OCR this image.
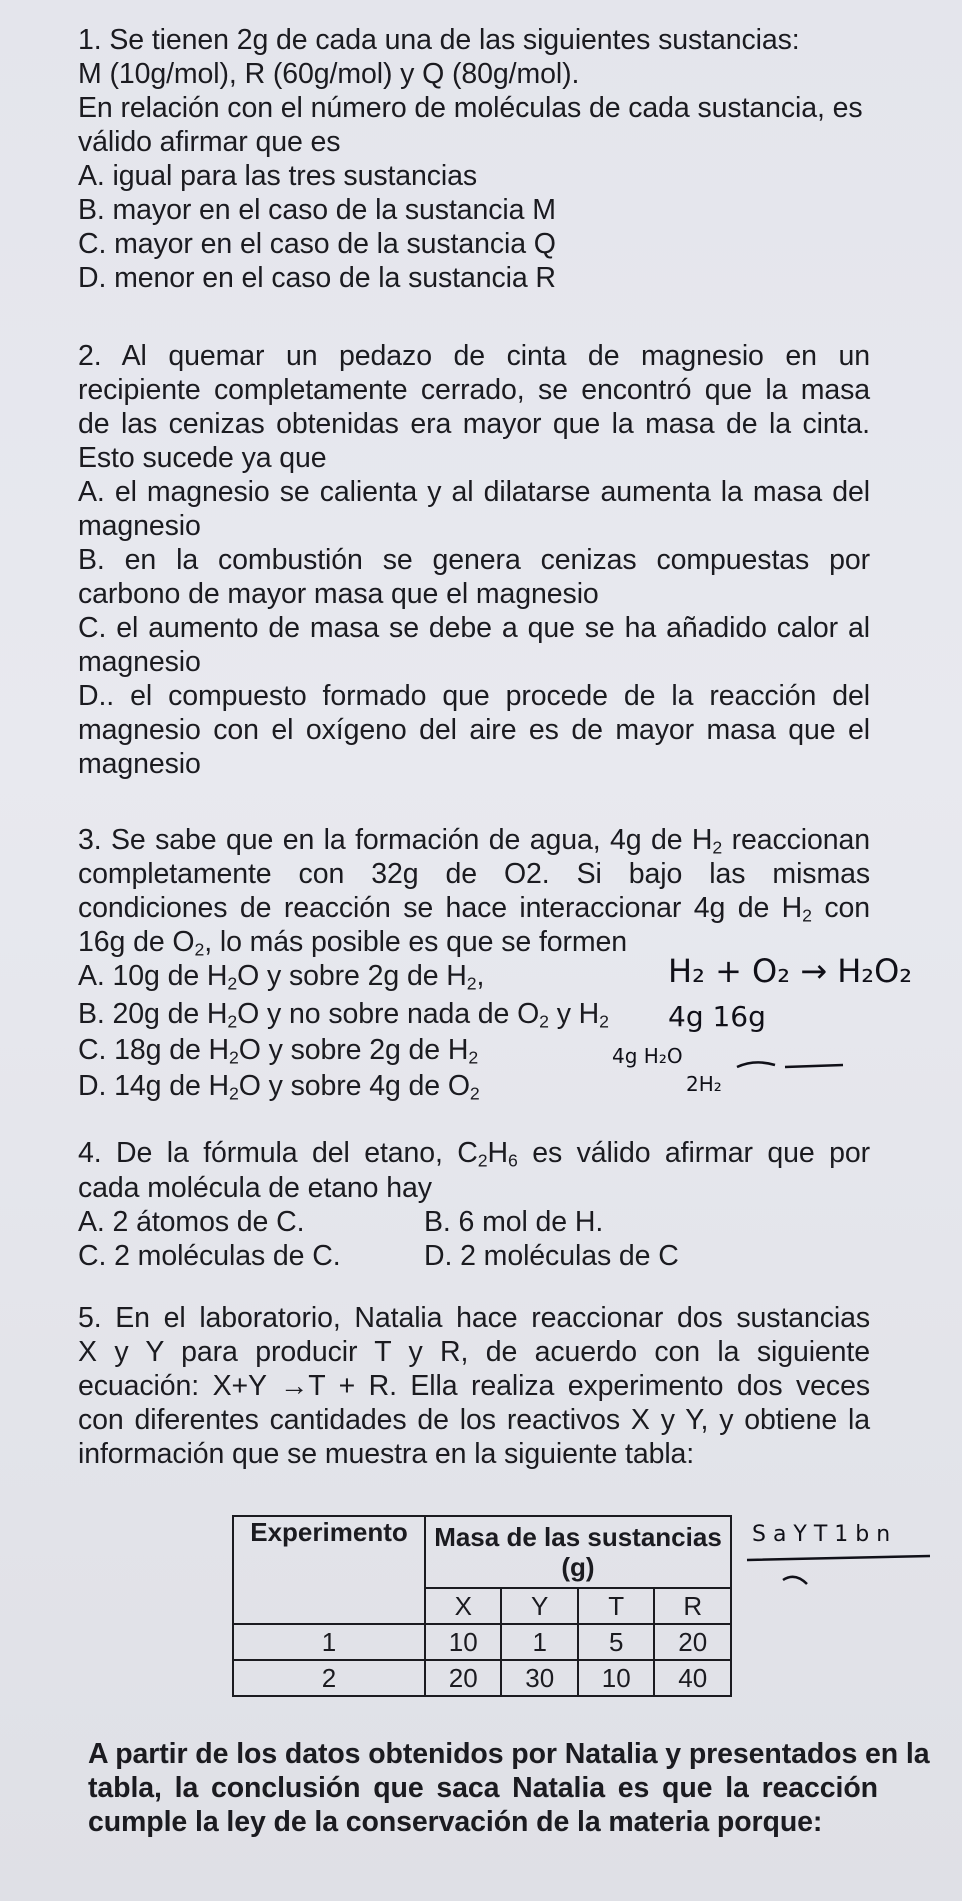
1. Se tienen 2g de cada una de las siguientes sustancias:
M (10g/mol), R (60g/mol) y Q (80g/mol).
En relación con el número de moléculas de cada sustancia, es
válido afirmar que es
A. igual para las tres sustancias
B. mayor en el caso de la sustancia M
C. mayor en el caso de la sustancia Q
D. menor en el caso de la sustancia R
2. Al quemar un pedazo de cinta de magnesio en un
recipiente completamente cerrado, se encontró que la masa
de las cenizas obtenidas era mayor que la masa de la cinta.
Esto sucede ya que
A. el magnesio se calienta y al dilatarse aumenta la masa del
magnesio
B. en la combustión se genera cenizas compuestas por
carbono de mayor masa que el magnesio
C. el aumento de masa se debe a que se ha añadido calor al
magnesio
D.. el compuesto formado que procede de la reacción del
magnesio con el oxígeno del aire es de mayor masa que el
magnesio
3. Se sabe que en la formación de agua, 4g de $H_2$ reaccionan
completamente con 32g de O2. Si bajo las mismas
condiciones de reacción se hace interaccionar 4g de $H_2$ con
16g de $O_2$, lo más posible es que se formen
A. 10g de $H_2O$ y sobre 2g de $H_2$,
B. 20g de $H_2O$ y no sobre nada de $O_2$ y $H_2$
C. 18g de $H_2O$ y sobre 2g de $H_2$
D. 14g de $H_2O$ y sobre 4g de $O_2$
H₂ + O₂ → H₂O₂
4g 16g
4g H₂O
2H₂
4. De la fórmula del etano, $C_2H_6$ es válido afirmar que por
cada molécula de etano hay
A. 2 átomos de C.	B. 6 mol de H.
C. 2 moléculas de C.	D. 2 moléculas de C
5. En el laboratorio, Natalia hace reaccionar dos sustancias
X y Y para producir T y R, de acuerdo con la siguiente
ecuación: X+Y →T + R. Ella realiza experimento dos veces
con diferentes cantidades de los reactivos X y Y, y obtiene la
información que se muestra en la siguiente tabla:
Experimento	Masa de las sustancias (g)			
	X	Y	T	R
1	10	1	5	20
2	20	30	10	40
S a Y T 1 b n
A partir de los datos obtenidos por Natalia y presentados en la
tabla, la conclusión que saca Natalia es que la reacción
cumple la ley de la conservación de la materia porque:
